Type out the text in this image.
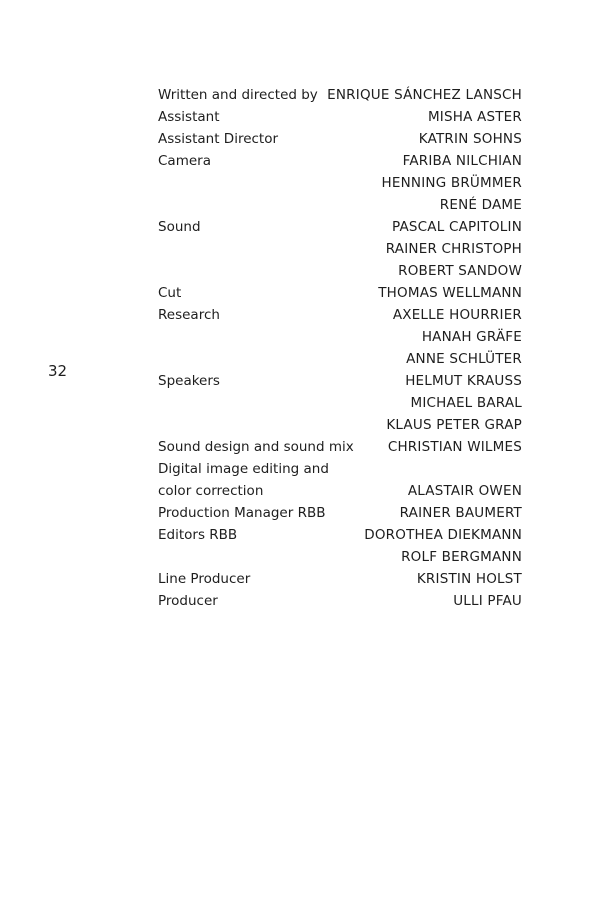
32
Written and directed by ENRIQUE SÁNCHEZ LANSCH
Assistant	MISHA ASTER
Assistant Director	KATRIN SOHNS
Camera	FARIBA NILCHIAN
HENNING BRÜMMER
RENÉ DAME
Sound	PASCAL CAPITOLIN
RAINER CHRISTOPH
ROBERT SANDOW
Cut	THOMAS WELLMANN
Research	AXELLE HOURRIER
HANAH GRÄFE
ANNE SCHLÜTER
Speakers	HELMUT KRAUSS
MICHAEL BARAL
KLAUS PETER GRAP
Sound design and sound mix	CHRISTIAN WILMES
Digital image editing and
color correction	ALASTAIR OWEN
Production Manager RBB	RAINER BAUMERT
Editors RBB	DOROTHEA DIEKMANN
ROLF BERGMANN
Line Producer	KRISTIN HOLST
Producer	ULLI PFAU
